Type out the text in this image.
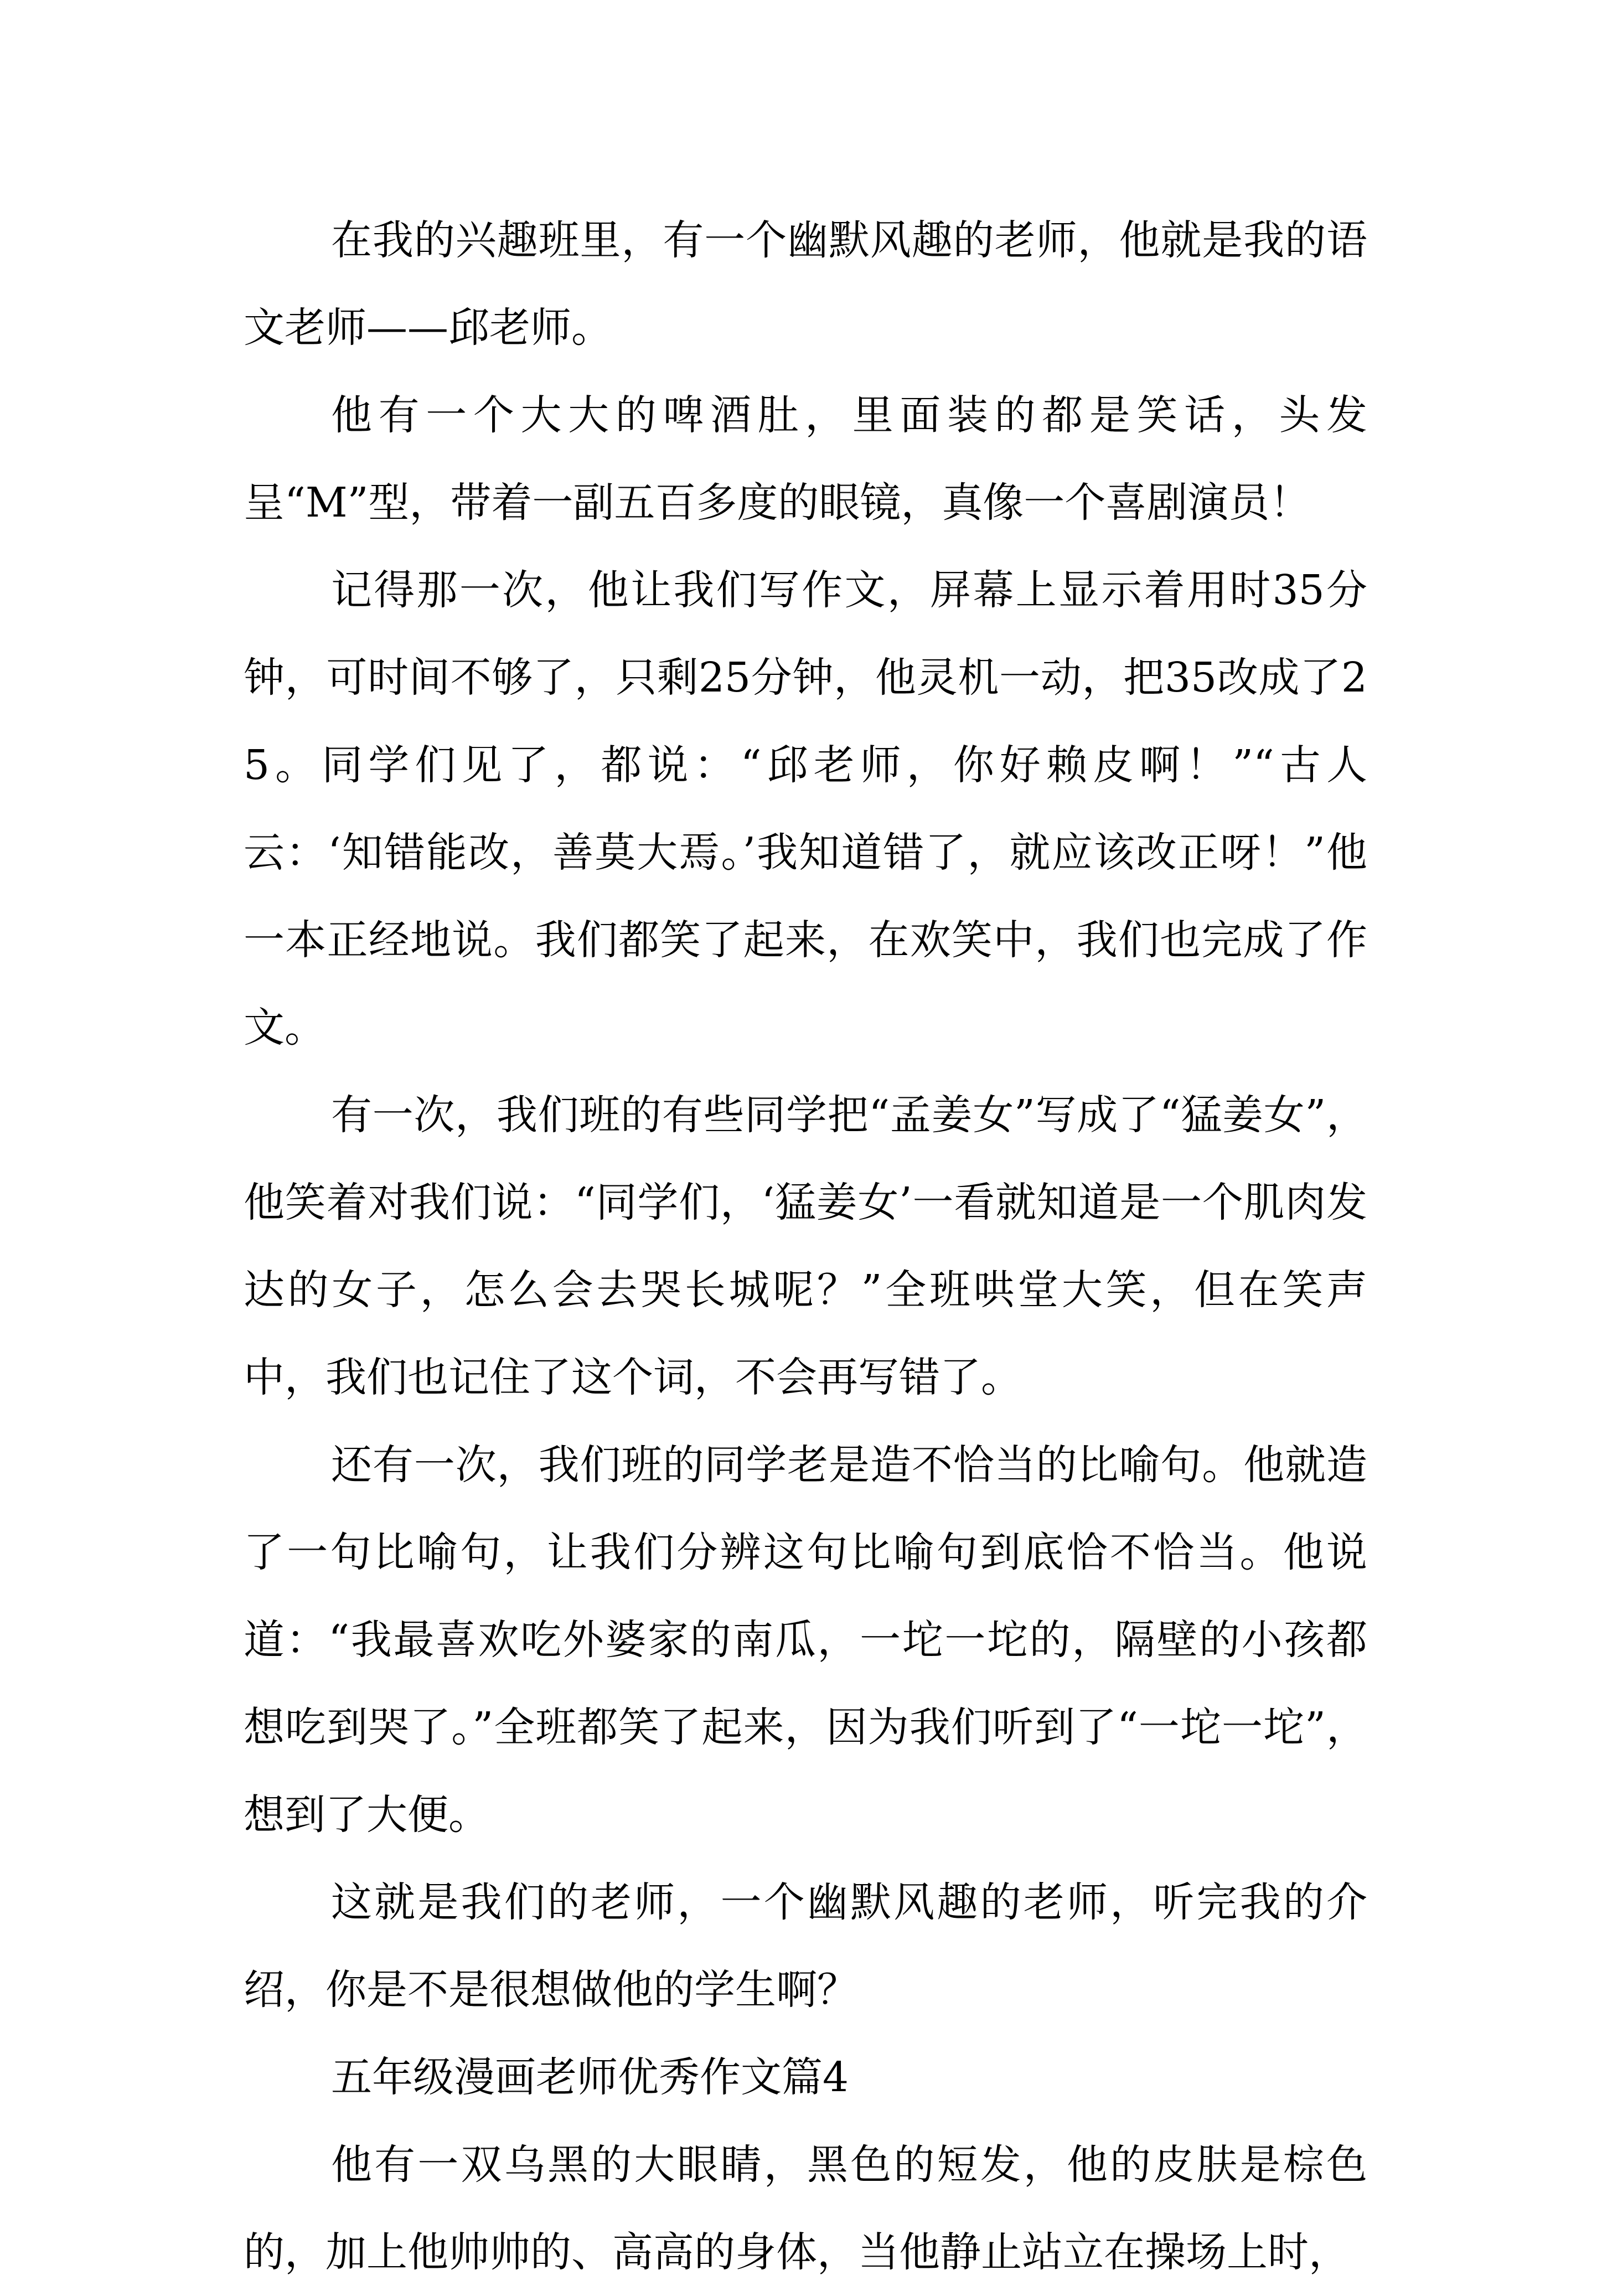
在我的兴趣班里，有一个幽默风趣的老师，他就是我的语文老师——邱老师。

他有一个大大的啤酒肚，里面装的都是笑话，头发呈“M”型，带着一副五百多度的眼镜，真像一个喜剧演员！

记得那一次，他让我们写作文，屏幕上显示着用时35分钟，可时间不够了，只剩25分钟，他灵机一动，把35改成了25。同学们见了，都说：“邱老师，你好赖皮啊！”“古人云：‘知错能改，善莫大焉。’我知道错了，就应该改正呀！”他一本正经地说。我们都笑了起来，在欢笑中，我们也完成了作文。

有一次，我们班的有些同学把“孟姜女”写成了“猛姜女”，他笑着对我们说：“同学们，‘猛姜女’一看就知道是一个肌肉发达的女子，怎么会去哭长城呢？”全班哄堂大笑，但在笑声中，我们也记住了这个词，不会再写错了。

还有一次，我们班的同学老是造不恰当的比喻句。他就造了一句比喻句，让我们分辨这句比喻句到底恰不恰当。他说道：“我最喜欢吃外婆家的南瓜，一坨一坨的，隔壁的小孩都想吃到哭了。”全班都笑了起来，因为我们听到了“一坨一坨”，想到了大便。

这就是我们的老师，一个幽默风趣的老师，听完我的介绍，你是不是很想做他的学生啊？

五年级漫画老师优秀作文篇4

他有一双乌黑的大眼睛，黑色的短发，他的皮肤是棕色的，加上他帅帅的、高高的身体，当他静止站立在操场上时，
